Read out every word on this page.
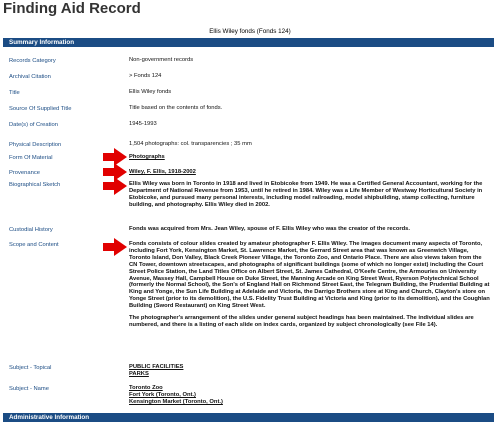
Finding Aid Record
Ellis Wiley fonds (Fonds 124)
Summary Information
Records Category	Non-government records
Archival Citation	> Fonds 124
Title	Ellis Wiley fonds
Source Of Supplied Title	Title based on the contents of fonds.
Date(s) of Creation	1945-1993
Physical Description	1,504 photographs: col. transparencies ; 35 mm
Form Of Material	Photographs
Provenance	Wiley, F. Ellis, 1918-2002
Biographical Sketch	Ellis Wiley was born in Toronto in 1918 and lived in Etobicoke from 1949. He was a Certified General Accountant, working for the Department of National Revenue from 1953, until he retired in 1984. Wiley was a Life Member of Westway Horticultural Society in Etobicoke, and pursued many personal interests, including model railroading, model shipbuilding, stamp collecting, furniture building, and photography. Ellis Wiley died in 2002.
Custodial History	Fonds was acquired from Mrs. Jean Wiley, spouse of F. Ellis Wiley who was the creator of the records.
Scope and Content	Fonds consists of colour slides created by amateur photographer F. Ellis Wiley. The images document many aspects of Toronto, including Fort York, Kensington Market, St. Lawrence Market, the Gerrard Street area that was known as Greenwich Village, Toronto Island, Don Valley, Black Creek Pioneer Village, the Toronto Zoo, and Ontario Place. There are also views taken from the CN Tower, downtown streetscapes, and photographs of significant buildings (some of which no longer exist) including the Court Street Police Station, the Land Titles Office on Albert Street, St. James Cathedral, O'Keefe Centre, the Armouries on University Avenue, Massey Hall, Campbell House on Duke Street, the Manning Arcade on King Street West, Ryerson Polytechnical School (formerly the Normal School), the Son's of England Hall on Richmond Street East, the Telegram Building, the Prudential Building at King and Yonge, the Sun Life Building at Adelaide and Victoria, the Darrigo Brothers store at King and Church, Clayton's store on Yonge Street (prior to its demolition), the U.S. Fidelity Trust Building at Victoria and King (prior to its demolition), and the Coughlan Building (Sword Restaurant) on King Street West.
The photographer's arrangement of the slides under general subject headings has been maintained. The individual slides are numbered, and there is a listing of each slide on index cards, organized by subject chronologically (see File 14).
Subject - Topical	PUBLIC FACILITIES
PARKS
Subject - Name	Toronto Zoo
Fort York (Toronto, Ont.)
Kensington Market (Toronto, Ont.)
Administrative Information
